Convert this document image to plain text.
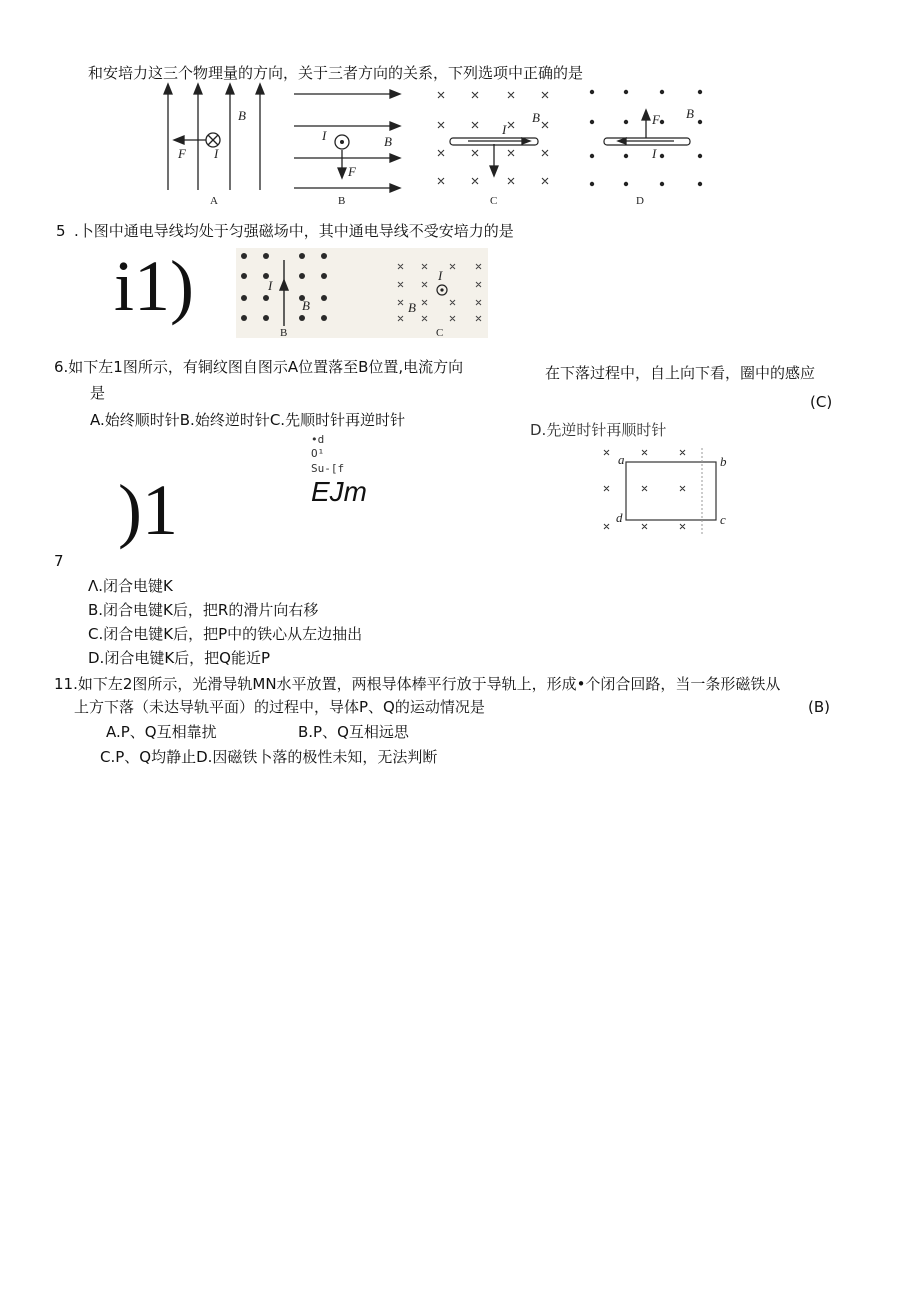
和安培力这三个物理量的方向，关于三者方向的关系，下列选项中正确的是
F I
B
A
I	B
F
B
I
B
C
F
I
B
D
5 .卜图中通电导线均处于匀强磁场中，其中通电导线不受安培力的是
i1)	I
B
B
I
B
C
6.如下左1图所示，有铜纹图自图示A位置落至B位置,电流方向	在下落过程中，自上向下看，圈中的感应
是	(C)
A.始终顺时针B.始终逆时针C.先顺时针再逆时针
D.先逆时针再顺时针
•d
O¹
Su-[f
EJm
)1
a	b
c
d
7
Λ.闭合电键K
B.闭合电键K后，把R的滑片向右移
C.闭合电键K后，把P中的铁心从左边抽出
D.闭合电键K后，把Q能近P
11.如下左2图所示，光滑导轨MN水平放置，两根导体棒平行放于导轨上，形成•个闭合回路，当一条形磁铁从
上方下落（未达导轨平面）的过程中，导体P、Q的运动情况是	(B)
A.P、Q互相靠扰	B.P、Q互相远思
C.P、Q均静止D.因磁铁卜落的极性未知，无法判断
